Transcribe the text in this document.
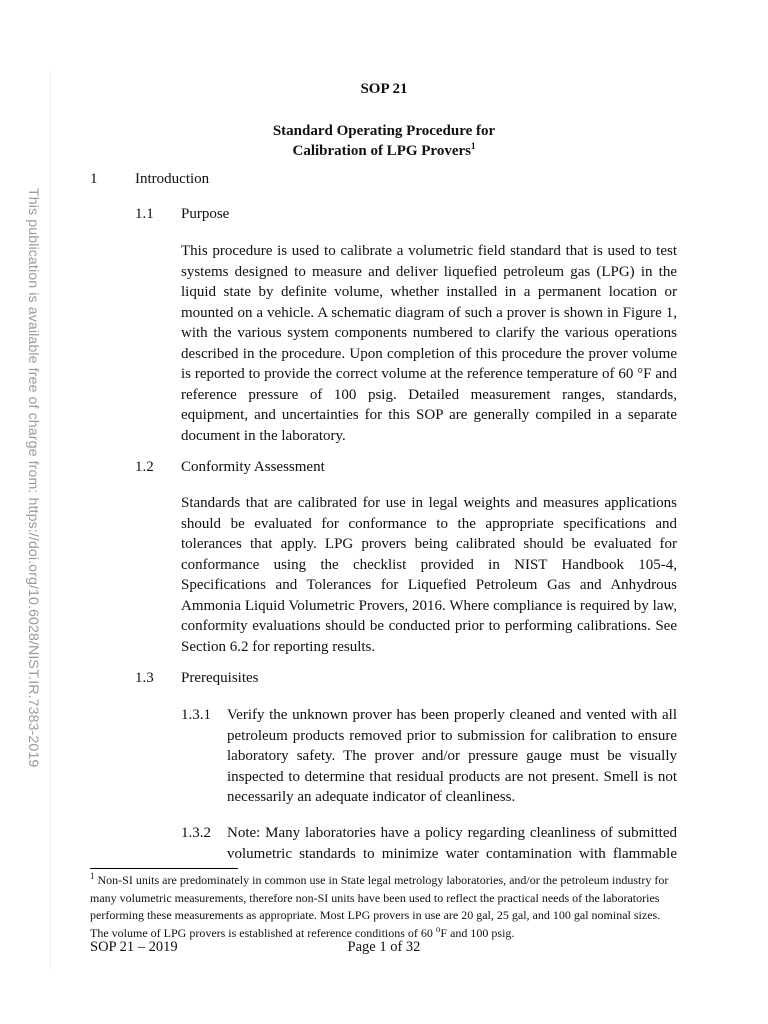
This publication is available free of charge from: https://doi.org/10.6028/NIST.IR.7383-2019
SOP 21
Standard Operating Procedure for
Calibration of LPG Provers$^1$
1	Introduction
1.1 Purpose

This procedure is used to calibrate a volumetric field standard that is used to test systems designed to measure and deliver liquefied petroleum gas (LPG) in the liquid state by definite volume, whether installed in a permanent location or mounted on a vehicle. A schematic diagram of such a prover is shown in Figure 1, with the various system components numbered to clarify the various operations described in the procedure. Upon completion of this procedure the prover volume is reported to provide the correct volume at the reference temperature of 60 °F and reference pressure of 100 psig. Detailed measurement ranges, standards, equipment, and uncertainties for this SOP are generally compiled in a separate document in the laboratory.

1.2 Conformity Assessment

Standards that are calibrated for use in legal weights and measures applications should be evaluated for conformance to the appropriate specifications and tolerances that apply. LPG provers being calibrated should be evaluated for conformance using the checklist provided in NIST Handbook 105-4, Specifications and Tolerances for Liquefied Petroleum Gas and Anhydrous Ammonia Liquid Volumetric Provers, 2016. Where compliance is required by law, conformity evaluations should be conducted prior to performing calibrations. See Section 6.2 for reporting results.

1.3 Prerequisites
1.3.1 Verify the unknown prover has been properly cleaned and vented with all petroleum products removed prior to submission for calibration to ensure laboratory safety. The prover and/or pressure gauge must be visually inspected to determine that residual products are not present. Smell is not necessarily an adequate indicator of cleanliness.

1.3.2 Note: Many laboratories have a policy regarding cleanliness of submitted volumetric standards to minimize water contamination with flammable

$^1$ Non-SI units are predominately in common use in State legal metrology laboratories, and/or the petroleum industry for many volumetric measurements, therefore non-SI units have been used to reflect the practical needs of the laboratories performing these measurements as appropriate. Most LPG provers in use are 20 gal, 25 gal, and 100 gal nominal sizes. The volume of LPG provers is established at reference conditions of 60 $^o$F and 100 psig.

SOP 21 – 2019	Page 1 of 32
